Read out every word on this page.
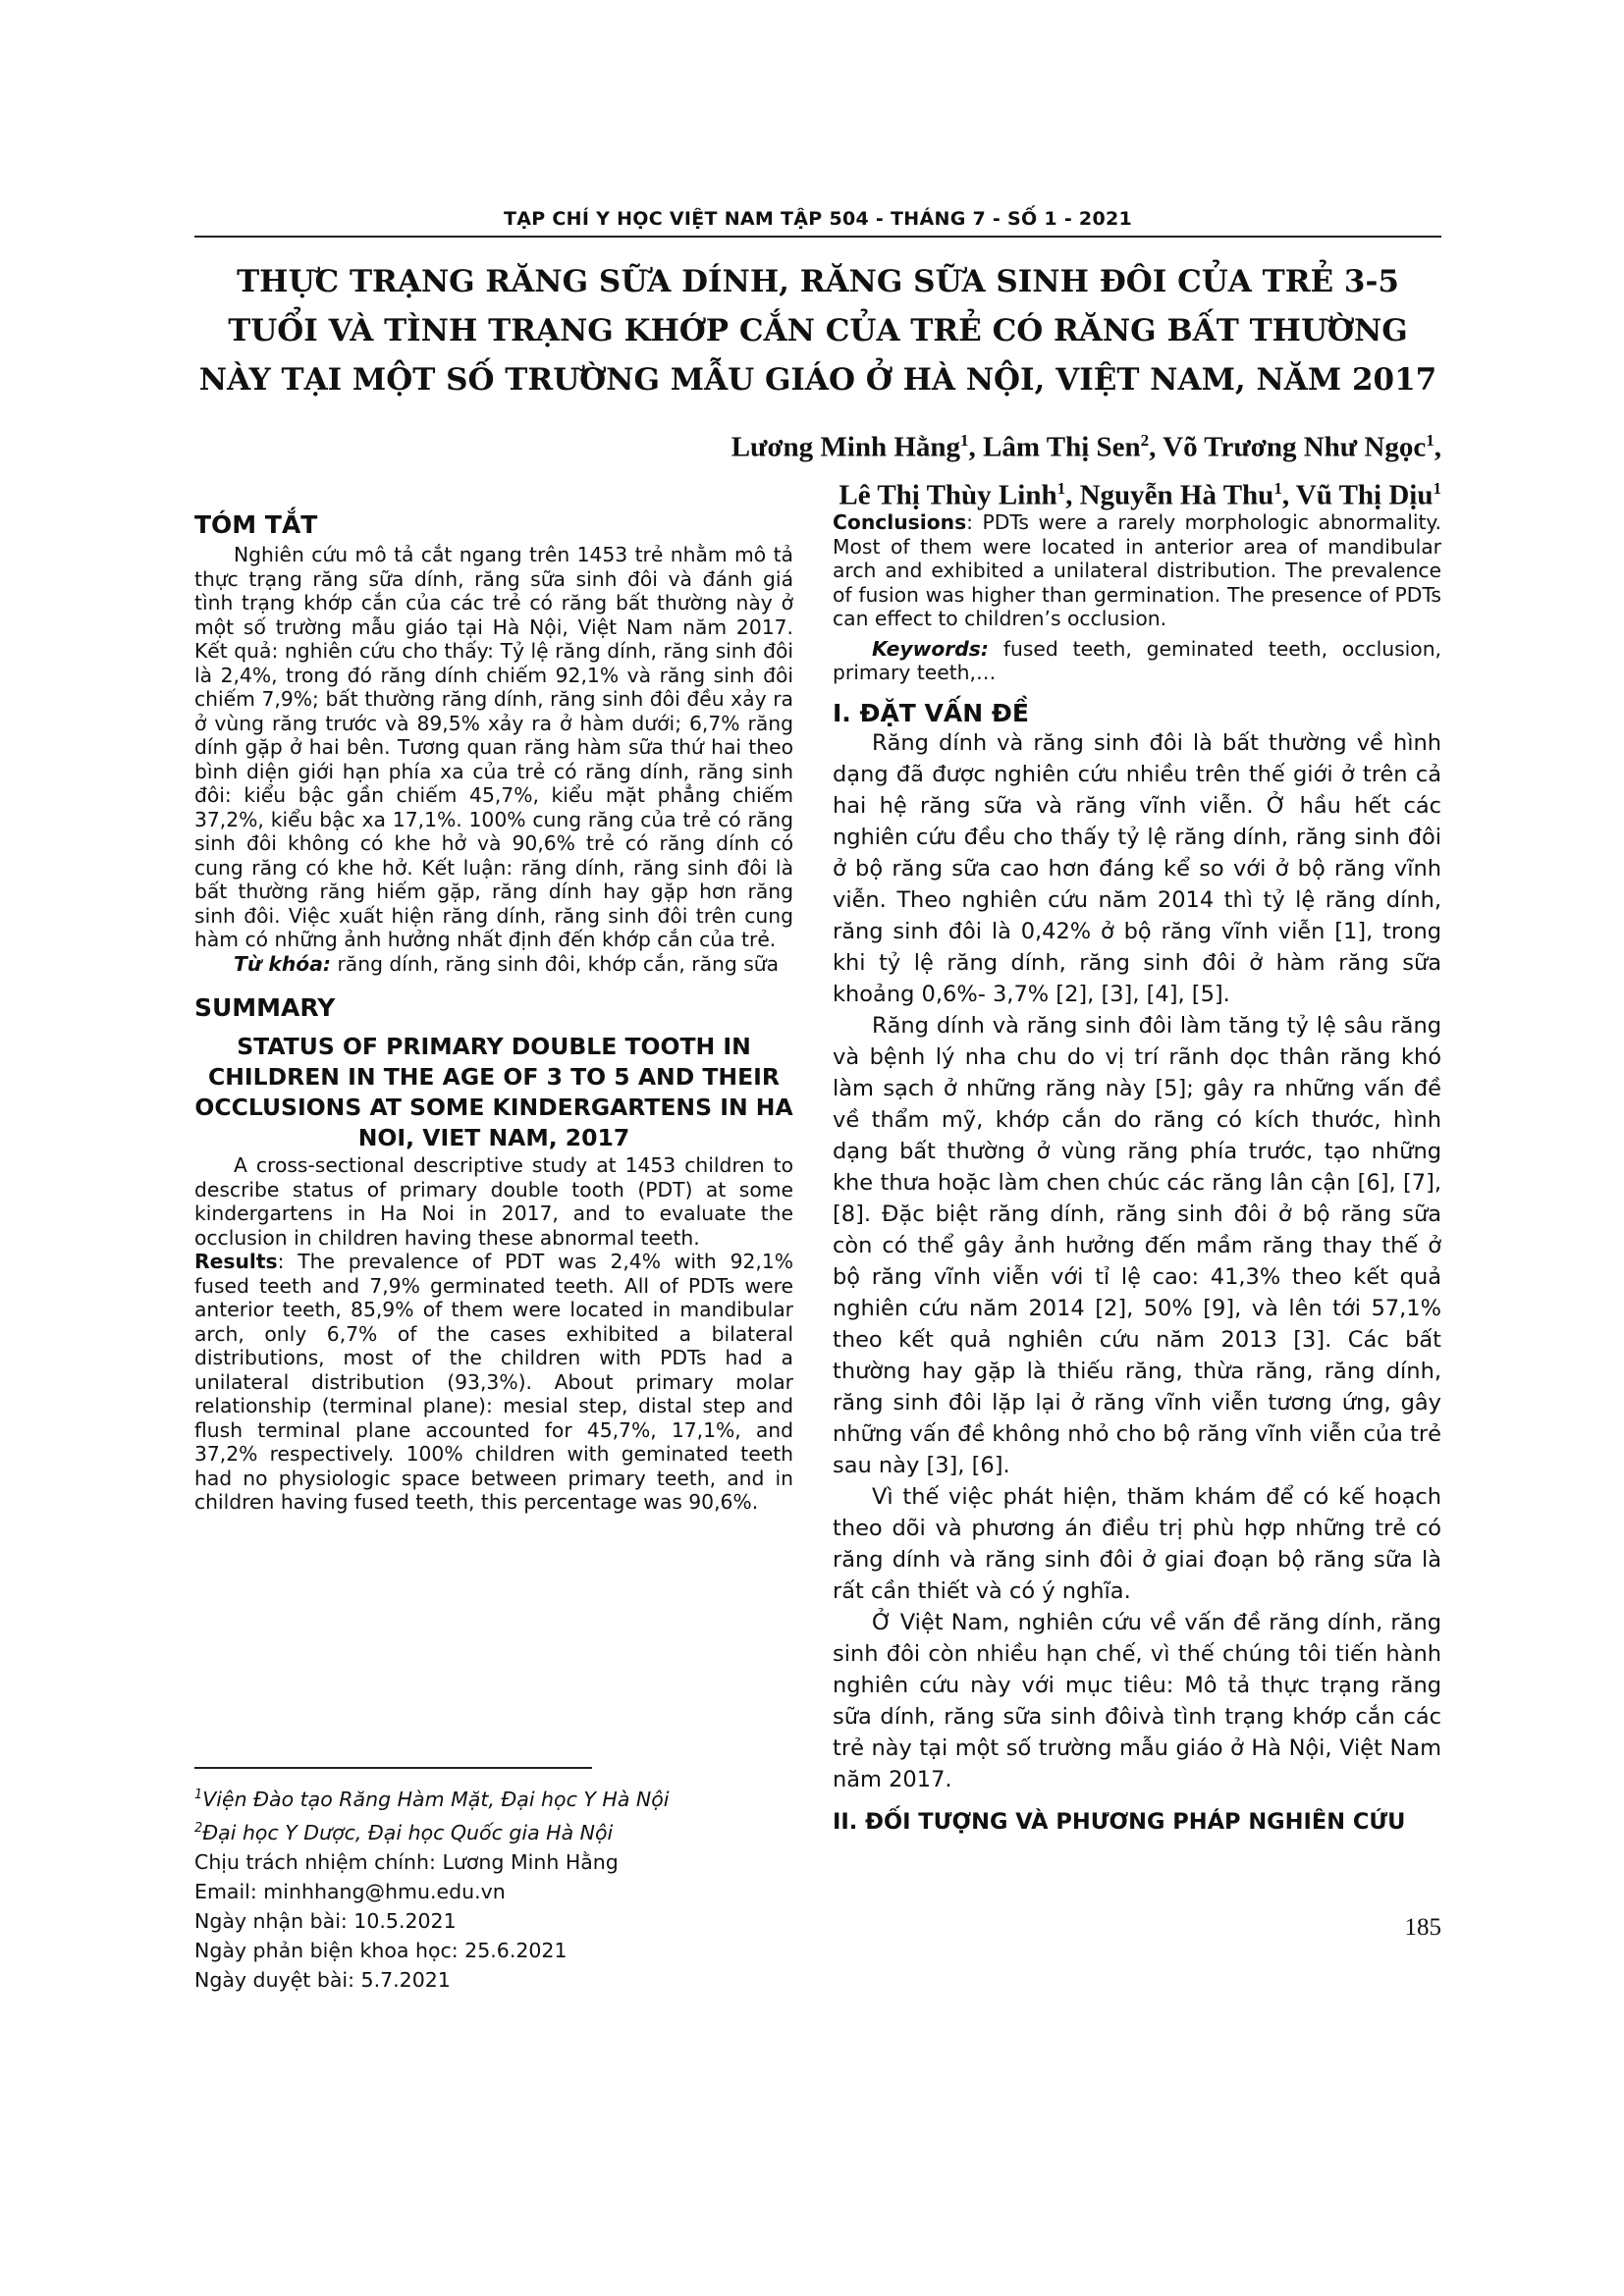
TẠP CHÍ Y HỌC VIỆT NAM TẬP 504 - THÁNG 7 - SỐ 1 - 2021
THỰC TRẠNG RĂNG SỮA DÍNH, RĂNG SỮA SINH ĐÔI CỦA TRẺ 3-5
TUỔI VÀ TÌNH TRẠNG KHỚP CẮN CỦA TRẺ CÓ RĂNG BẤT THƯỜNG
NÀY TẠI MỘT SỐ TRƯỜNG MẪU GIÁO Ở HÀ NỘI, VIỆT NAM, NĂM 2017
Lương Minh Hằng$^1$, Lâm Thị Sen$^2$, Võ Trương Như Ngọc$^1$,
Lê Thị Thùy Linh$^1$, Nguyễn Hà Thu$^1$, Vũ Thị Dịu$^1$
TÓM TẮT

Nghiên cứu mô tả cắt ngang trên 1453 trẻ nhằm mô tả thực trạng răng sữa dính, răng sữa sinh đôi và đánh giá tình trạng khớp cắn của các trẻ có răng bất thường này ở một số trường mẫu giáo tại Hà Nội, Việt Nam năm 2017. Kết quả: nghiên cứu cho thấy: Tỷ lệ răng dính, răng sinh đôi là 2,4%, trong đó răng dính chiếm 92,1% và răng sinh đôi chiếm 7,9%; bất thường răng dính, răng sinh đôi đều xảy ra ở vùng răng trước và 89,5% xảy ra ở hàm dưới; 6,7% răng dính gặp ở hai bên. Tương quan răng hàm sữa thứ hai theo bình diện giới hạn phía xa của trẻ có răng dính, răng sinh đôi: kiểu bậc gần chiếm 45,7%, kiểu mặt phẳng chiếm 37,2%, kiểu bậc xa 17,1%. 100% cung răng của trẻ có răng sinh đôi không có khe hở và 90,6% trẻ có răng dính có cung răng có khe hở. Kết luận: răng dính, răng sinh đôi là bất thường răng hiếm gặp, răng dính hay gặp hơn răng sinh đôi. Việc xuất hiện răng dính, răng sinh đôi trên cung hàm có những ảnh hưởng nhất định đến khớp cắn của trẻ.

Từ khóa: răng dính, răng sinh đôi, khớp cắn, răng sữa

SUMMARY
STATUS OF PRIMARY DOUBLE TOOTH IN CHILDREN IN THE AGE OF 3 TO 5 AND THEIR OCCLUSIONS AT SOME KINDERGARTENS IN HA NOI, VIET NAM, 2017

A cross-sectional descriptive study at 1453 children to describe status of primary double tooth (PDT) at some kindergartens in Ha Noi in 2017, and to evaluate the occlusion in children having these abnormal teeth.

Results: The prevalence of PDT was 2,4% with 92,1% fused teeth and 7,9% germinated teeth. All of PDTs were anterior teeth, 85,9% of them were located in mandibular arch, only 6,7% of the cases exhibited a bilateral distributions, most of the children with PDTs had a unilateral distribution (93,3%). About primary molar relationship (terminal plane): mesial step, distal step and flush terminal plane accounted for 45,7%, 17,1%, and 37,2% respectively. 100% children with geminated teeth had no physiologic space between primary teeth, and in children having fused teeth, this percentage was 90,6%.

$^1$Viện Đào tạo Răng Hàm Mặt, Đại học Y Hà Nội
$^2$Đại học Y Dược, Đại học Quốc gia Hà Nội
Chịu trách nhiệm chính: Lương Minh Hằng
Email: minhhang@hmu.edu.vn
Ngày nhận bài: 10.5.2021
Ngày phản biện khoa học: 25.6.2021
Ngày duyệt bài: 5.7.2021

Conclusions: PDTs were a rarely morphologic abnormality. Most of them were located in anterior area of mandibular arch and exhibited a unilateral distribution. The prevalence of fusion was higher than germination. The presence of PDTs can effect to children’s occlusion.

Keywords: fused teeth, geminated teeth, occlusion, primary teeth,…

I. ĐẶT VẤN ĐỀ

Răng dính và răng sinh đôi là bất thường về hình dạng đã được nghiên cứu nhiều trên thế giới ở trên cả hai hệ răng sữa và răng vĩnh viễn. Ở hầu hết các nghiên cứu đều cho thấy tỷ lệ răng dính, răng sinh đôi ở bộ răng sữa cao hơn đáng kể so với ở bộ răng vĩnh viễn. Theo nghiên cứu năm 2014 thì tỷ lệ răng dính, răng sinh đôi là 0,42% ở bộ răng vĩnh viễn [1], trong khi tỷ lệ răng dính, răng sinh đôi ở hàm răng sữa khoảng 0,6%- 3,7% [2], [3], [4], [5].

Răng dính và răng sinh đôi làm tăng tỷ lệ sâu răng và bệnh lý nha chu do vị trí rãnh dọc thân răng khó làm sạch ở những răng này [5]; gây ra những vấn đề về thẩm mỹ, khớp cắn do răng có kích thước, hình dạng bất thường ở vùng răng phía trước, tạo những khe thưa hoặc làm chen chúc các răng lân cận [6], [7], [8]. Đặc biệt răng dính, răng sinh đôi ở bộ răng sữa còn có thể gây ảnh hưởng đến mầm răng thay thế ở bộ răng vĩnh viễn với tỉ lệ cao: 41,3% theo kết quả nghiên cứu năm 2014 [2], 50% [9], và lên tới 57,1% theo kết quả nghiên cứu năm 2013 [3]. Các bất thường hay gặp là thiếu răng, thừa răng, răng dính, răng sinh đôi lặp lại ở răng vĩnh viễn tương ứng, gây những vấn đề không nhỏ cho bộ răng vĩnh viễn của trẻ sau này [3], [6].

Vì thế việc phát hiện, thăm khám để có kế hoạch theo dõi và phương án điều trị phù hợp những trẻ có răng dính và răng sinh đôi ở giai đoạn bộ răng sữa là rất cần thiết và có ý nghĩa.

Ở Việt Nam, nghiên cứu về vấn đề răng dính, răng sinh đôi còn nhiều hạn chế, vì thế chúng tôi tiến hành nghiên cứu này với mục tiêu: Mô tả thực trạng răng sữa dính, răng sữa sinh đôivà tình trạng khớp cắn các trẻ này tại một số trường mẫu giáo ở Hà Nội, Việt Nam năm 2017.

II. ĐỐI TƯỢNG VÀ PHƯƠNG PHÁP NGHIÊN CỨU
185
